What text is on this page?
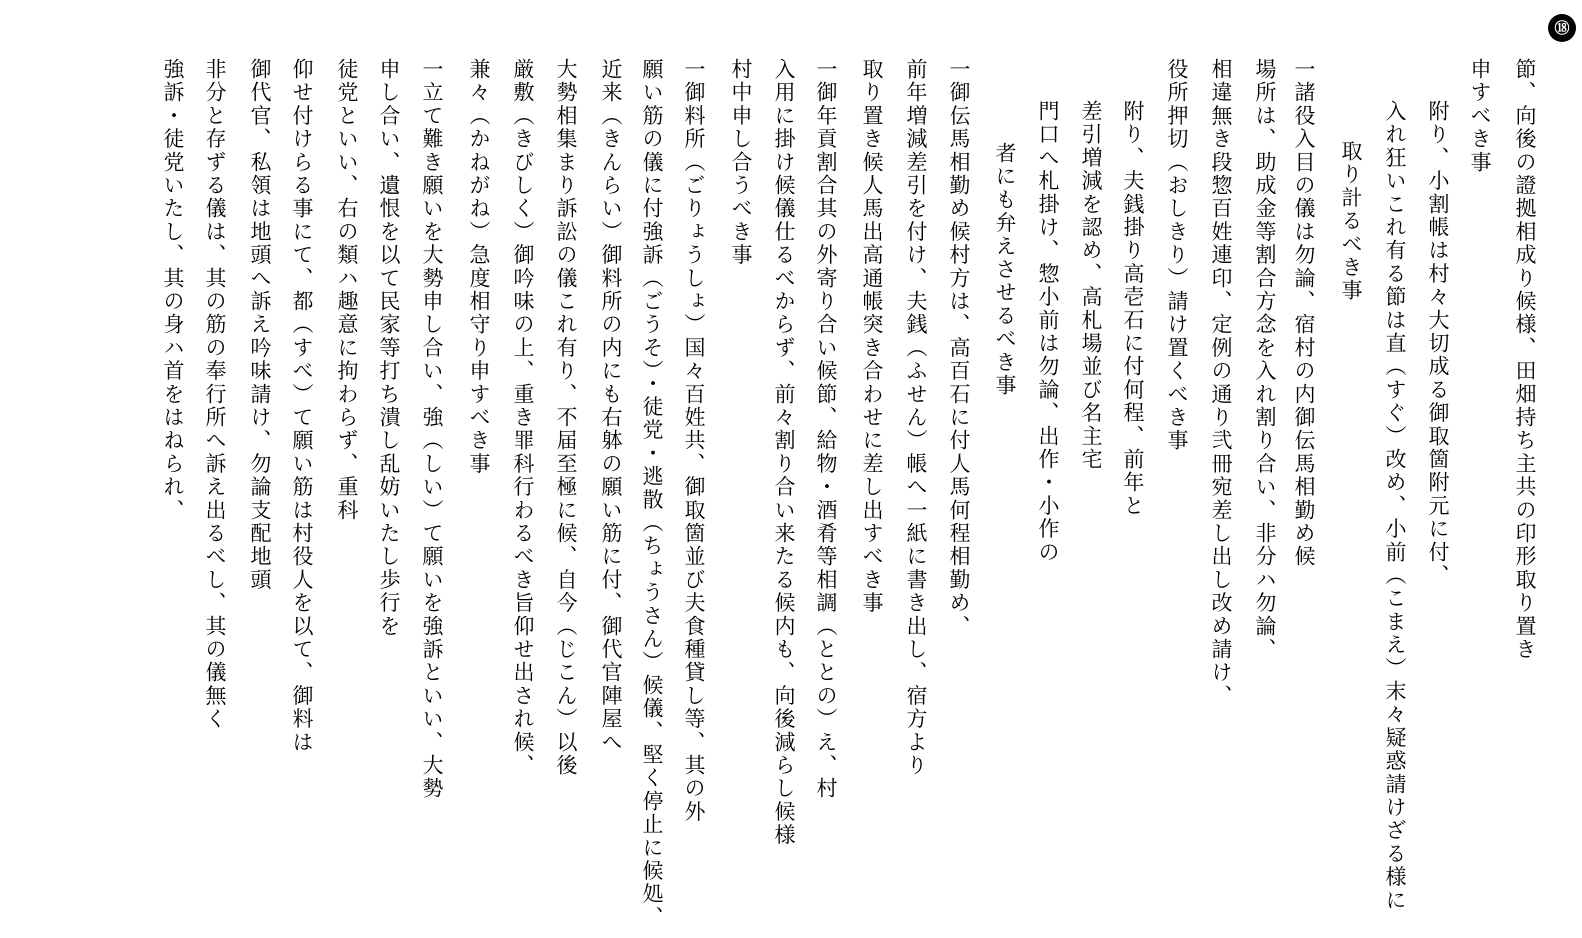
⑱
節、向後の證拠相成り候様、田畑持ち主共の印形取り置き
申すべき事
附り、小割帳は村々大切成る御取箇附元に付、
入れ狂いこれ有る節は直（すぐ）改め、小前（こまえ）末々疑惑請けざる様に
取り計るべき事
一諸役入目の儀は勿論、宿村の内御伝馬相勤め候
場所は、助成金等割合方念を入れ割り合い、非分ハ勿論、
相違無き段惣百姓連印、定例の通り弐冊宛差し出し改め請け、
役所押切（おしきり）請け置くべき事
附り、夫銭掛り高壱石に付何程、前年と
差引増減を認め、高札場並び名主宅
門口へ札掛け、惣小前は勿論、出作・小作の
者にも弁えさせるべき事
一御伝馬相勤め候村方は、高百石に付人馬何程相勤め、
前年増減差引を付け、夫銭（ふせん）帳へ一紙に書き出し、宿方より
取り置き候人馬出高通帳突き合わせに差し出すべき事
一御年貢割合其の外寄り合い候節、給物・酒肴等相調（ととの）え、村
入用に掛け候儀仕るべからず、前々割り合い来たる候内も、向後減らし候様
村中申し合うべき事
一御料所（ごりょうしょ）国々百姓共、御取箇並び夫食種貸し等、其の外
願い筋の儀に付強訴（ごうそ）・徒党・逃散（ちょうさん）候儀、堅く停止に候処、
近来（きんらい）御料所の内にも右躰の願い筋に付、御代官陣屋へ
大勢相集まり訴訟の儀これ有り、不届至極に候、自今（じこん）以後
厳敷（きびしく）御吟味の上、重き罪科行わるべき旨仰せ出され候、
兼々（かねがね）急度相守り申すべき事
一立て難き願いを大勢申し合い、強（しい）て願いを強訴といい、大勢
申し合い、遺恨を以て民家等打ち潰し乱妨いたし歩行を
徒党といい、右の類ハ趣意に拘わらず、重科
仰せ付けらる事にて、都（すべ）て願い筋は村役人を以て、御料は
御代官、私領は地頭へ訴え吟味請け、勿論支配地頭
非分と存ずる儀は、其の筋の奉行所へ訴え出るべし、其の儀無く
強訴・徒党いたし、其の身ハ首をはねられ、
